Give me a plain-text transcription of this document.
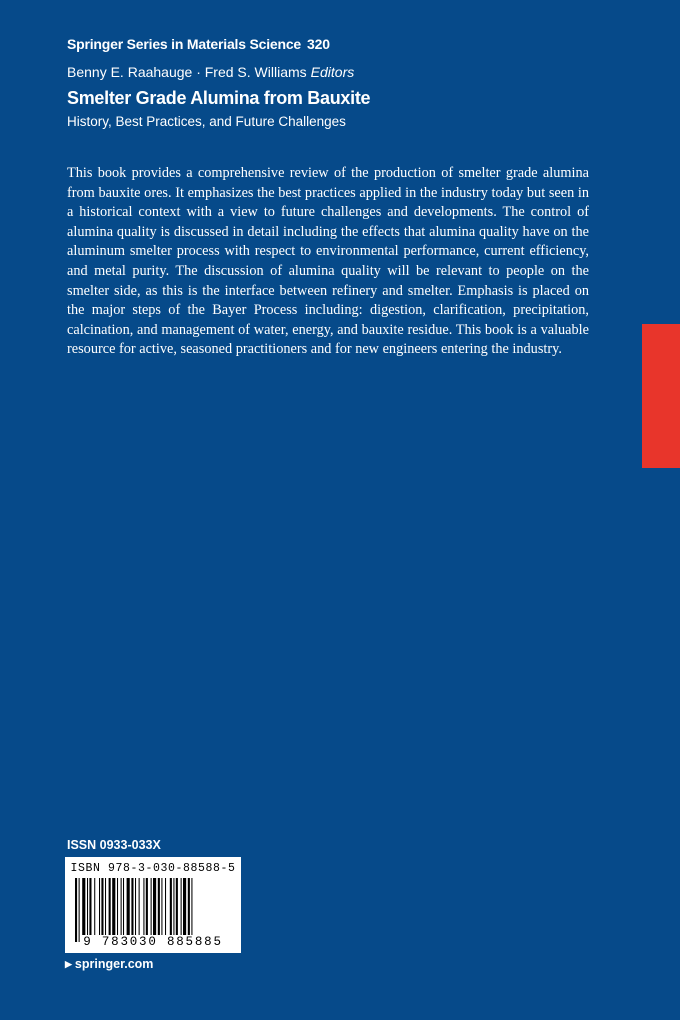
Springer Series in Materials Science 320
Benny E. Raahauge · Fred S. Williams Editors
Smelter Grade Alumina from Bauxite
History, Best Practices, and Future Challenges

This book provides a comprehensive review of the production of smelter grade alumina from bauxite ores. It emphasizes the best practices applied in the industry today but seen in a historical context with a view to future challenges and developments. The control of alumina quality is discussed in detail including the effects that alumina quality have on the aluminum smelter process with respect to environmental performance, current efficiency, and metal purity. The discussion of alumina quality will be relevant to people on the smelter side, as this is the interface between refinery and smelter. Emphasis is placed on the major steps of the Bayer Process including: digestion, clarification, precipitation, calcination, and management of water, energy, and bauxite residue. This book is a valuable resource for active, seasoned practitioners and for new engineers entering the industry.

ISSN 0933-033X
ISBN 978-3-030-88588-5
9 783030 885885
▶ springer.com
